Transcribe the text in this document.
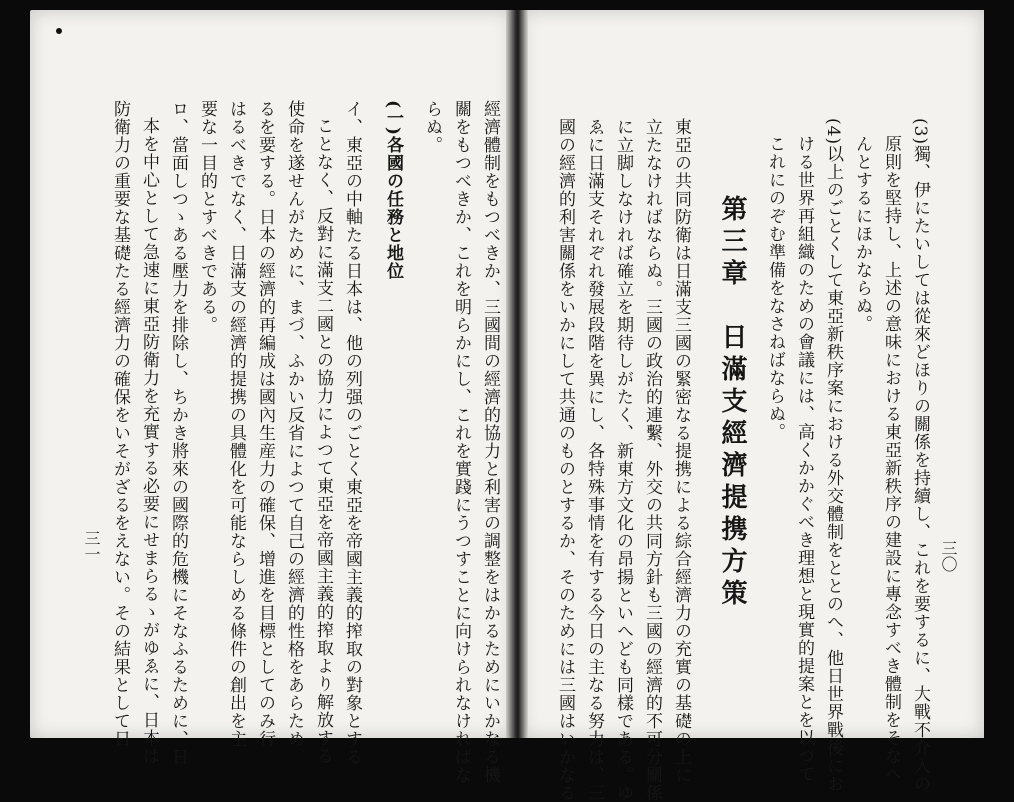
三〇
(3)獨、伊にたいしては從來どほりの關係を持續し、これを要するに、大戰不介入の
原則を堅持し、上述の意味における東亞新秩序の建設に專念すべき體制をそなへ
んとするにほかならぬ。
(4)以上のごとくして東亞新秩序案における外交體制をととのへ、他日世界戰後にお
ける世界再組織のための會議には、高くかかぐべき理想と現實的提案とを以つて
これにのぞむ準備をなさねばならぬ。
第三章　日滿支經濟提携方策
東亞の共同防衛は日滿支三國の緊密なる提携による綜合經濟力の充實の基礎の上に
立たなければならぬ。三國の政治的連繫、外交の共同方針も三國の經濟的不可分關係
に立脚しなければ確立を期待しがたく、新東方文化の昂揚といへども同樣である。ゆ
ゑに日滿支それぞれ發展段階を異にし、各特殊事情を有する今日の主なる努力は、三
國の經濟的利害關係をいかにして共通のものとするか、そのためには三國はいかなる
經濟體制をもつべきか、三國間の經濟的協力と利害の調整をはかるためにいかなる機
關をもつべきか、これを明らかにし、これを實踐にうつすことに向けられなければな
らぬ。
(一)各國の任務と地位
イ、東亞の中軸たる日本は、他の列强のごとく東亞を帝國主義的搾取の對象とする
ことなく、反對に滿支二國との協力によつて東亞を帝國主義的搾取より解放する
使命を遂せんがために、まづ、ふかい反省によつて自己の經濟的性格をあらため
るを要する。日本の經濟的再編成は國內生産力の確保、增進を目標としてのみ行
はるべきでなく、日滿支の經濟的提携の具體化を可能ならしめる條件の創出を主
要な一目的とすべきである。
ロ、當面しつゝある壓力を排除し、ちかき將來の國際的危機にそなふるために、日
本を中心として急速に東亞防衛力を充實する必要にせまらるゝがゆゑに、日本は
防衛力の重要な基礎たる經濟力の確保をいそがざるをえない。その結果として日
三一
